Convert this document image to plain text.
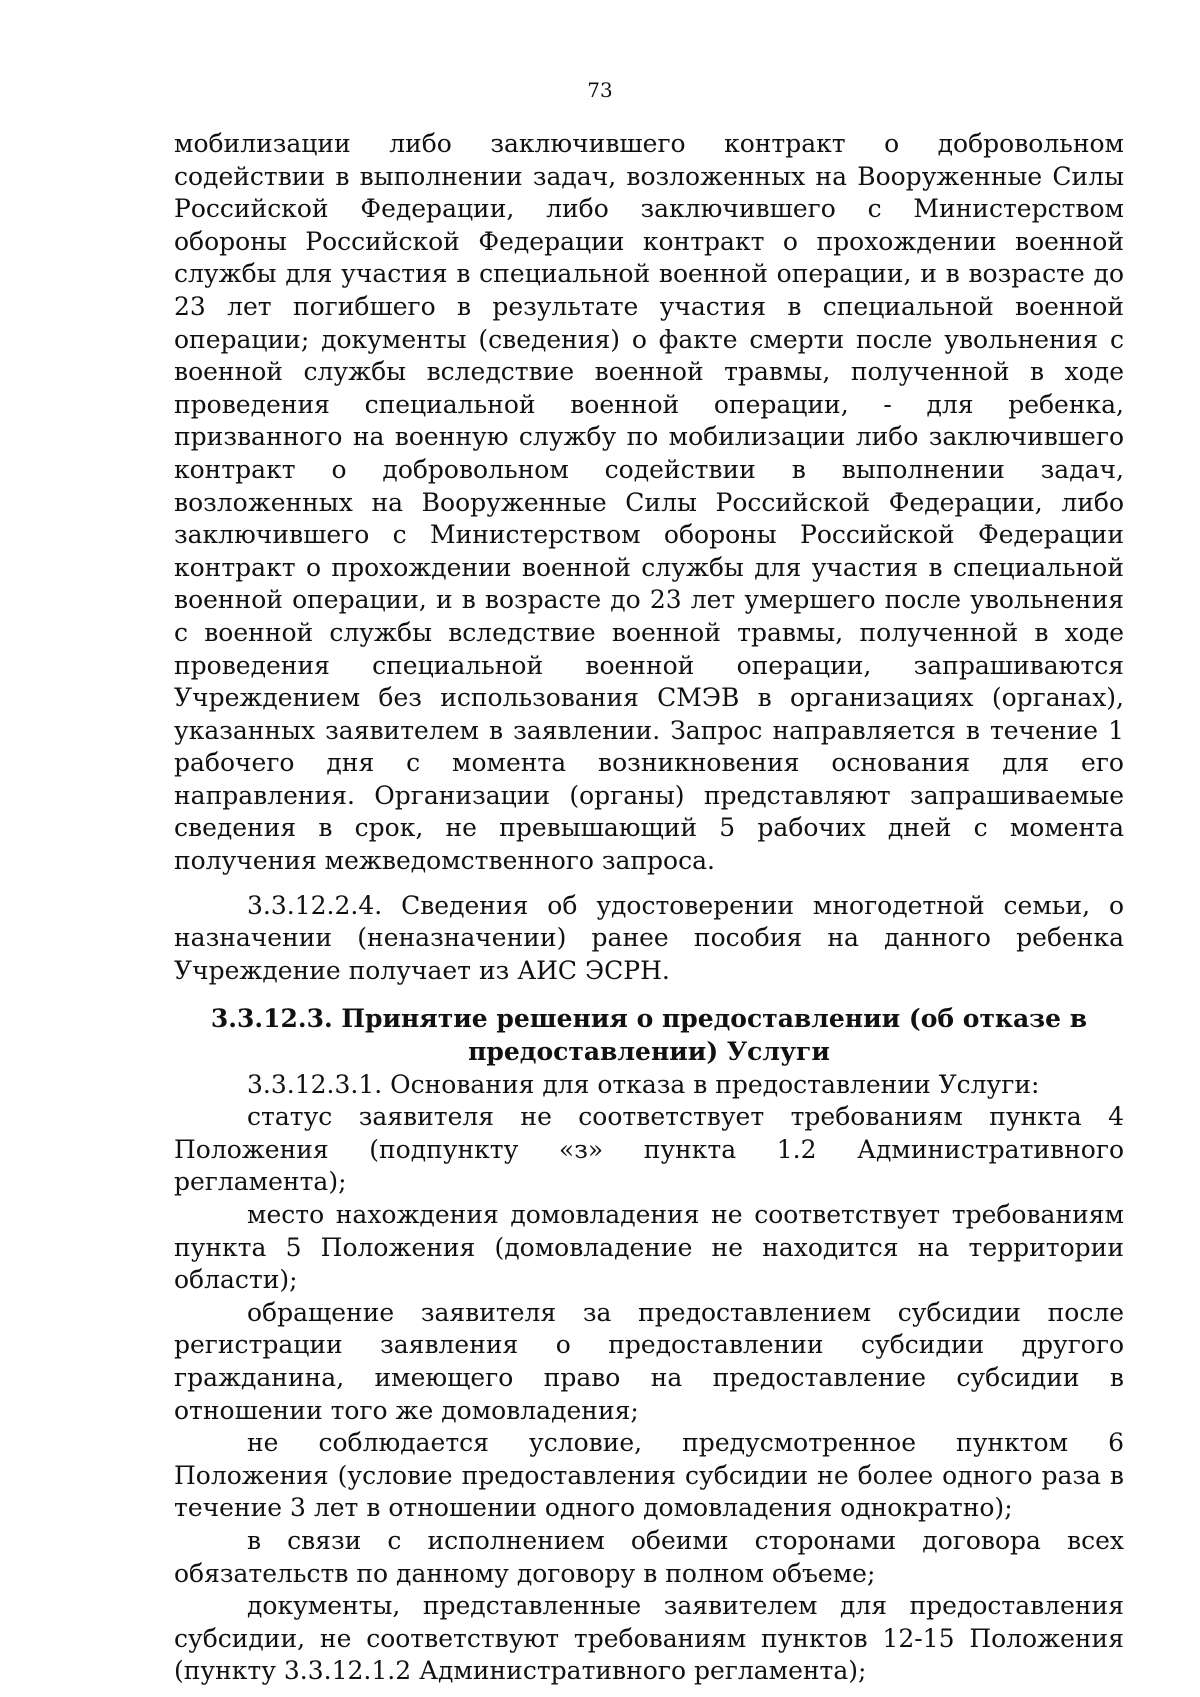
73

мобилизации либо заключившего контракт о добровольном содействии в выполнении задач, возложенных на Вооруженные Силы Российской Федерации, либо заключившего с Министерством обороны Российской Федерации контракт о прохождении военной службы для участия в специальной военной операции, и в возрасте до 23 лет погибшего в результате участия в специальной военной операции; документы (сведения) о факте смерти после увольнения с военной службы вследствие военной травмы, полученной в ходе проведения специальной военной операции, - для ребенка, призванного на военную службу по мобилизации либо заключившего контракт о добровольном содействии в выполнении задач, возложенных на Вооруженные Силы Российской Федерации, либо заключившего с Министерством обороны Российской Федерации контракт о прохождении военной службы для участия в специальной военной операции, и в возрасте до 23 лет умершего после увольнения с военной службы вследствие военной травмы, полученной в ходе проведения специальной военной операции, запрашиваются Учреждением без использования СМЭВ в организациях (органах), указанных заявителем в заявлении. Запрос направляется в течение 1 рабочего дня с момента возникновения основания для его направления. Организации (органы) представляют запрашиваемые сведения в срок, не превышающий 5 рабочих дней с момента получения межведомственного запроса.

3.3.12.2.4. Сведения об удостоверении многодетной семьи, о назначении (неназначении) ранее пособия на данного ребенка Учреждение получает из АИС ЭСРН.

3.3.12.3. Принятие решения о предоставлении (об отказе в
предоставлении) Услуги

3.3.12.3.1. Основания для отказа в предоставлении Услуги:

статус заявителя не соответствует требованиям пункта 4 Положения (подпункту «з» пункта 1.2 Административного регламента);

место нахождения домовладения не соответствует требованиям пункта 5 Положения (домовладение не находится на территории области);

обращение заявителя за предоставлением субсидии после регистрации заявления о предоставлении субсидии другого гражданина, имеющего право на предоставление субсидии в отношении того же домовладения;

не соблюдается условие, предусмотренное пунктом 6 Положения (условие предоставления субсидии не более одного раза в течение 3 лет в отношении одного домовладения однократно);

в связи с исполнением обеими сторонами договора всех обязательств по данному договору в полном объеме;

документы, представленные заявителем для предоставления субсидии, не соответствуют требованиям пунктов 12-15 Положения (пункту 3.3.12.1.2 Административного регламента);
